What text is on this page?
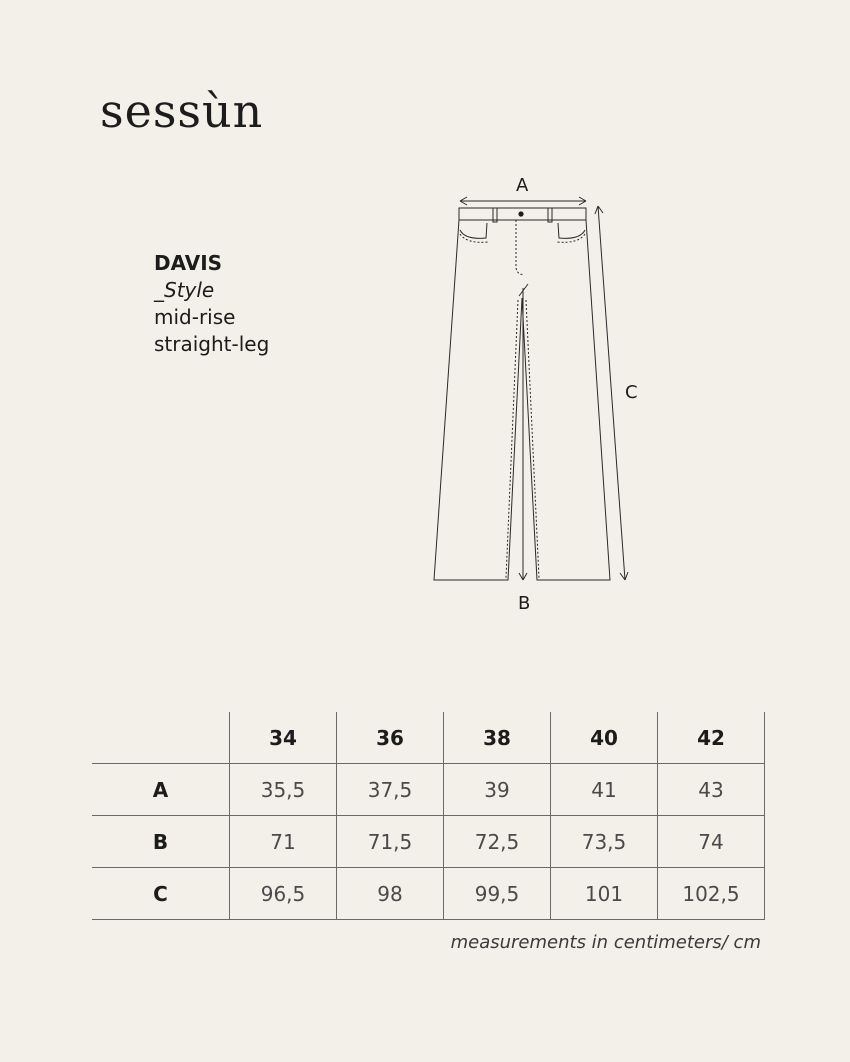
sessùn
DAVIS
_Style
mid-rise
straight-leg
A
B
C
	34	36	38	40	42
A	35,5	37,5	39	41	43
B	71	71,5	72,5	73,5	74
C	96,5	98	99,5	101	102,5
measurements in centimeters/ cm
